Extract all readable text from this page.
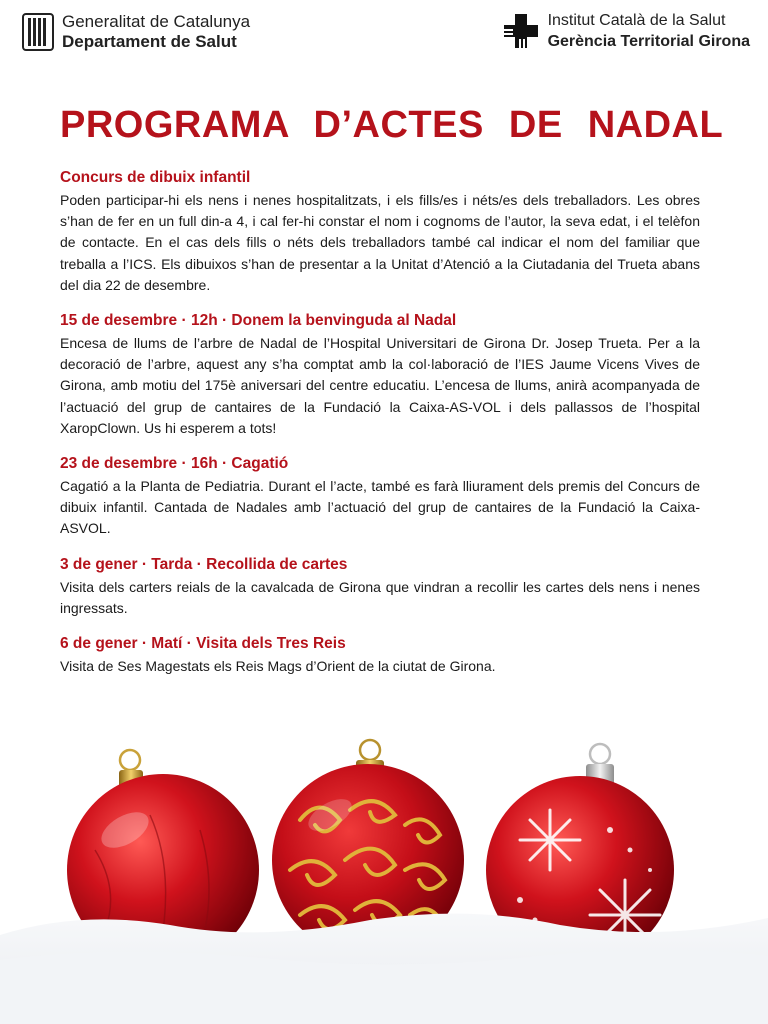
Generalitat de Catalunya
Departament de Salut
Institut Català de la Salut
Gerència Territorial Girona
PROGRAMA D’ACTES DE NADAL
Concurs de dibuix infantil

Poden participar-hi els nens i nenes hospitalitzats, i els fills/es i néts/es dels treballadors. Les obres s’han de fer en un full din-a 4, i cal fer-hi constar el nom i cognoms de l’autor, la seva edat, i el telèfon de contacte. En el cas dels fills o néts dels treballadors també cal indicar el nom del familiar que treballa a l’ICS. Els dibuixos s’han de presentar a la Unitat d’Atenció a la Ciutadania del Trueta abans del dia 22 de desembre.

15 de desembre · 12h · Donem la benvinguda al Nadal

Encesa de llums de l’arbre de Nadal de l’Hospital Universitari de Girona Dr. Josep Trueta. Per a la decoració de l’arbre, aquest any s’ha comptat amb la col·laboració de l’IES Jaume Vicens Vives de Girona, amb motiu del 175è aniversari del centre educatiu. L’encesa de llums, anirà acompanyada de l’actuació del grup de cantaires de la Fundació la Caixa-AS-VOL i dels pallassos de l’hospital XaropClown. Us hi esperem a tots!

23 de desembre · 16h · Cagatió

Cagatió a la Planta de Pediatria. Durant el l’acte, també es farà lliurament dels premis del Concurs de dibuix infantil. Cantada de Nadales amb l’actuació del grup de cantaires de la Fundació la Caixa-ASVOL.

3 de gener · Tarda · Recollida de cartes

Visita dels carters reials de la cavalcada de Girona que vindran a recollir les cartes dels nens i nenes ingressats.

6 de gener · Matí · Visita dels Tres Reis

Visita de Ses Magestats els Reis Mags d’Orient de la ciutat de Girona.
